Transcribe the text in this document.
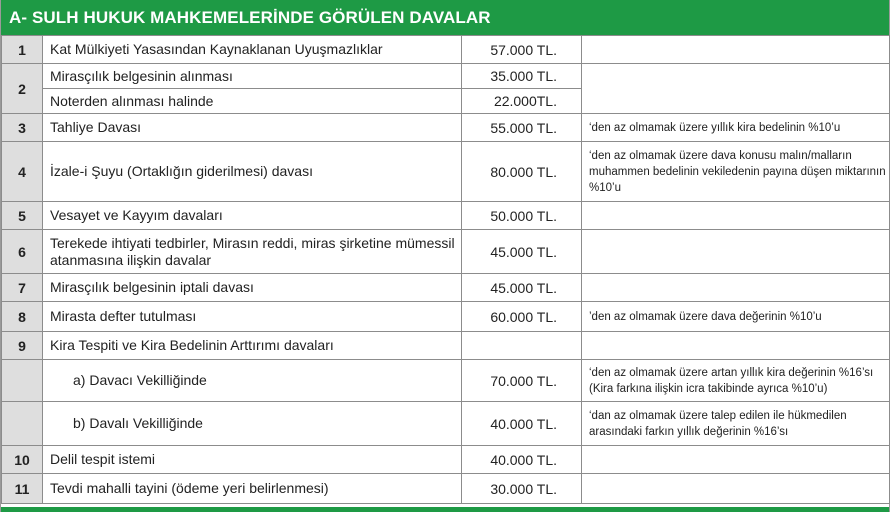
A- SULH HUKUK MAHKEMELERİNDE GÖRÜLEN DAVALAR
1	Kat Mülkiyeti Yasasından Kaynaklanan Uyuşmazlıklar	57.000 TL.	
2	Mirasçılık belgesinin alınması	35.000 TL.	
	Noterden alınması halinde	22.000TL.	
3	Tahliye Davası	55.000 TL.	‘den az olmamak üzere yıllık kira bedelinin %10’u
4	İzale-i Şuyu (Ortaklığın giderilmesi) davası	80.000 TL.	‘den az olmamak üzere dava konusu malın/malların muhammen bedelinin vekiledenin payına düşen miktarının %10’u
5	Vesayet ve Kayyım davaları	50.000 TL.	
6	Terekede ihtiyati tedbirler, Mirasın reddi, miras şirketine mümessil atanmasına ilişkin davalar	45.000 TL.	
7	Mirasçılık belgesinin iptali davası	45.000 TL.	
8	Mirasta defter tutulması	60.000 TL.	’den az olmamak üzere dava değerinin %10’u
9	Kira Tespiti ve Kira Bedelinin Arttırımı davaları		
	a) Davacı Vekilliğinde	70.000 TL.	‘den az olmamak üzere artan yıllık kira değerinin %16’sı (Kira farkına ilişkin icra takibinde ayrıca %10’u)
	b) Davalı Vekilliğinde	40.000 TL.	‘dan az olmamak üzere talep edilen ile hükmedilen arasındaki farkın yıllık değerinin %16’sı
10	Delil tespit istemi	40.000 TL.	
11	Tevdi mahalli tayini (ödeme yeri belirlenmesi)	30.000 TL.	
